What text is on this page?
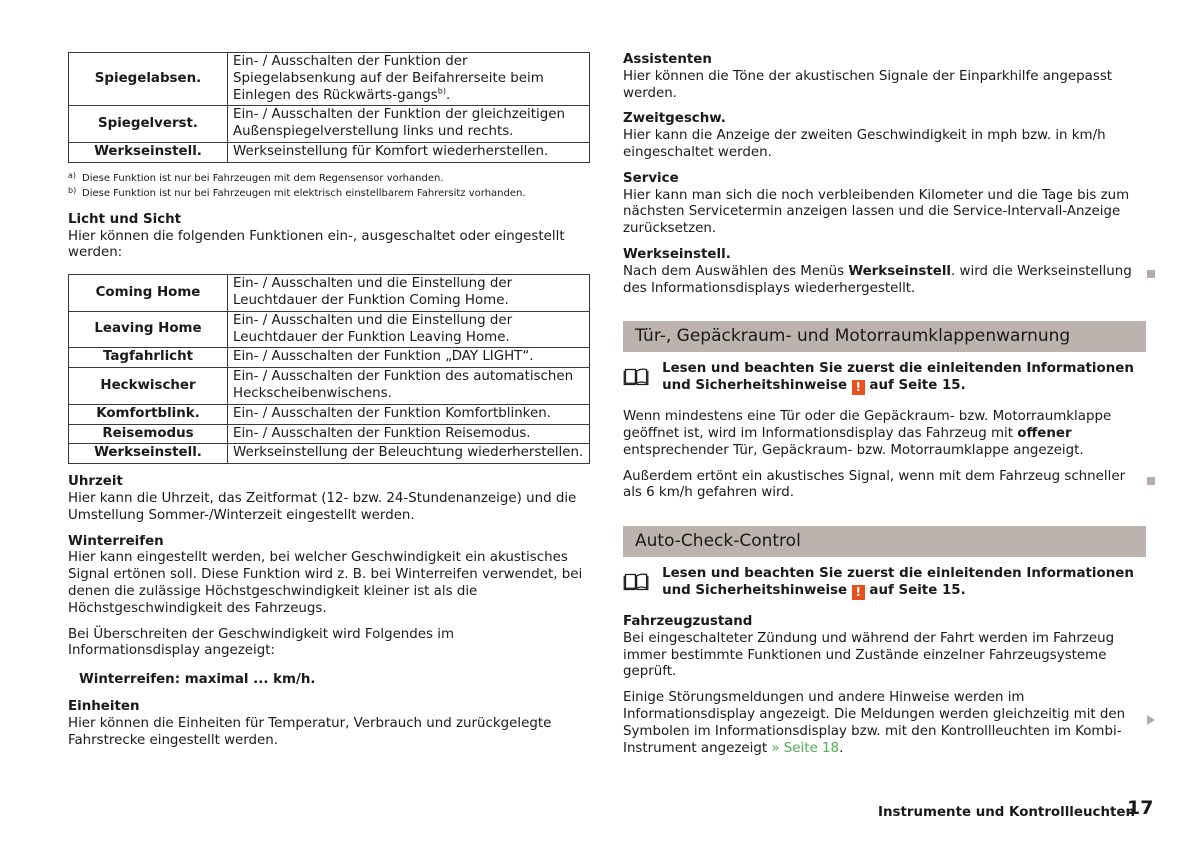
Spiegelabsen.	Ein- / Ausschalten der Funktion der Spiegelabsenkung auf der Beifahrerseite beim Einlegen des Rückwärts-gangs$^{b)}$.
Spiegelverst.	Ein- / Ausschalten der Funktion der gleichzeitigen Außenspiegelverstellung links und rechts.
Werkseinstell.	Werkseinstellung für Komfort wiederherstellen.
a) Diese Funktion ist nur bei Fahrzeugen mit dem Regensensor vorhanden.
b) Diese Funktion ist nur bei Fahrzeugen mit elektrisch einstellbarem Fahrersitz vorhanden.
Licht und Sicht

Hier können die folgenden Funktionen ein-, ausgeschaltet oder eingestellt werden:

Coming Home	Ein- / Ausschalten und die Einstellung der Leuchtdauer der Funktion Coming Home.
Leaving Home	Ein- / Ausschalten und die Einstellung der Leuchtdauer der Funktion Leaving Home.
Tagfahrlicht	Ein- / Ausschalten der Funktion „DAY LIGHT“.
Heckwischer	Ein- / Ausschalten der Funktion des automatischen Heckscheibenwischens.
Komfortblink.	Ein- / Ausschalten der Funktion Komfortblinken.
Reisemodus	Ein- / Ausschalten der Funktion Reisemodus.
Werkseinstell.	Werkseinstellung der Beleuchtung wiederherstellen.
Uhrzeit

Hier kann die Uhrzeit, das Zeitformat (12- bzw. 24-Stundenanzeige) und die Umstellung Sommer-/Winterzeit eingestellt werden.

Winterreifen

Hier kann eingestellt werden, bei welcher Geschwindigkeit ein akustisches Signal ertönen soll. Diese Funktion wird z. B. bei Winterreifen verwendet, bei denen die zulässige Höchstgeschwindigkeit kleiner ist als die Höchstgeschwindigkeit des Fahrzeugs.

Bei Überschreiten der Geschwindigkeit wird Folgendes im Informationsdisplay angezeigt:

Winterreifen: maximal ... km/h.

Einheiten

Hier können die Einheiten für Temperatur, Verbrauch und zurückgelegte Fahrstrecke eingestellt werden.

Assistenten

Hier können die Töne der akustischen Signale der Einparkhilfe angepasst werden.

Zweitgeschw.

Hier kann die Anzeige der zweiten Geschwindigkeit in mph bzw. in km/h eingeschaltet werden.

Service

Hier kann man sich die noch verbleibenden Kilometer und die Tage bis zum nächsten Servicetermin anzeigen lassen und die Service-Intervall-Anzeige zurücksetzen.

Werkseinstell.

Nach dem Auswählen des Menüs Werkseinstell. wird die Werkseinstellung des Informationsdisplays wiederhergestellt.

Tür-, Gepäckraum- und Motorraumklappenwarnung
Lesen und beachten Sie zuerst die einleitenden Informationen und Sicherheitshinweise ! auf Seite 15.

Wenn mindestens eine Tür oder die Gepäckraum- bzw. Motorraumklappe geöffnet ist, wird im Informationsdisplay das Fahrzeug mit offener entsprechender Tür, Gepäckraum- bzw. Motorraumklappe angezeigt.

Außerdem ertönt ein akustisches Signal, wenn mit dem Fahrzeug schneller als 6 km/h gefahren wird.

Auto-Check-Control
Lesen und beachten Sie zuerst die einleitenden Informationen und Sicherheitshinweise ! auf Seite 15.
Fahrzeugzustand

Bei eingeschalteter Zündung und während der Fahrt werden im Fahrzeug immer bestimmte Funktionen und Zustände einzelner Fahrzeugsysteme geprüft.

Einige Störungsmeldungen und andere Hinweise werden im Informationsdisplay angezeigt. Die Meldungen werden gleichzeitig mit den Symbolen im Informationsdisplay bzw. mit den Kontrollleuchten im Kombi-Instrument angezeigt » Seite 18.

Instrumente und Kontrollleuchten
17
